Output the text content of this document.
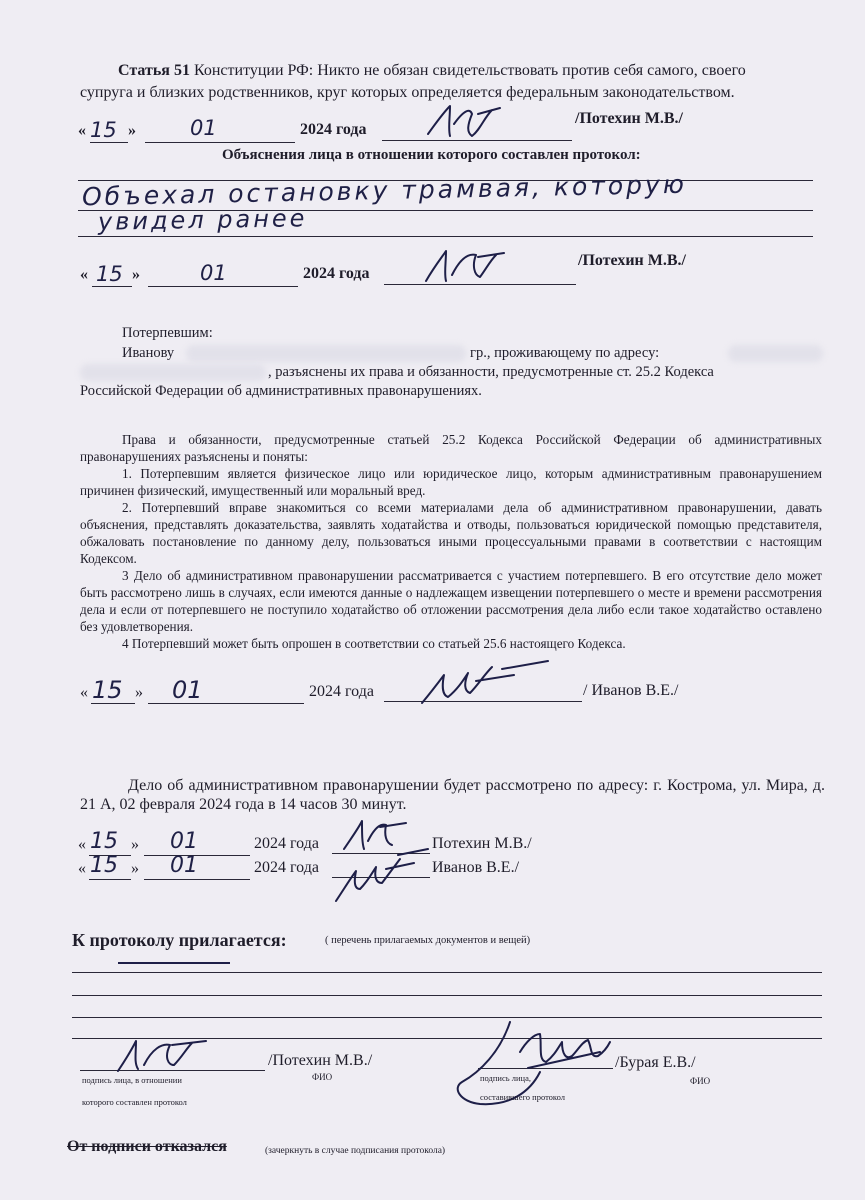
Статья 51 Конституции РФ: Никто не обязан свидетельствовать против себя самого, своего
супруга и близких родственников, круг которых определяется федеральным законодательством.
« 15 »	01	2024 года
/Потехин М.В./
Объяснения лица в отношении которого составлен протокол:
Объехал остановку трамвая, которую
увидел ранее
« 15 »	01	2024 года
/Потехин М.В./
Потерпевшим:
Иванову	гр., проживающему по адресу:
, разъяснены их права и обязанности, предусмотренные ст. 25.2 Кодекса
Российской Федерации об административных правонарушениях.
Права и обязанности, предусмотренные статьей 25.2 Кодекса Российской Федерации об административных правонарушениях разъяснены и поняты:
1. Потерпевшим является физическое лицо или юридическое лицо, которым административным правонарушением причинен физический, имущественный или моральный вред.
2. Потерпевший вправе знакомиться со всеми материалами дела об административном правонарушении, давать объяснения, представлять доказательства, заявлять ходатайства и отводы, пользоваться юридической помощью представителя, обжаловать постановление по данному делу, пользоваться иными процессуальными правами в соответствии с настоящим Кодексом.
3 Дело об административном правонарушении рассматривается с участием потерпевшего. В его отсутствие дело может быть рассмотрено лишь в случаях, если имеются данные о надлежащем извещении потерпевшего о месте и времени рассмотрения дела и если от потерпевшего не поступило ходатайство об отложении рассмотрения дела либо если такое ходатайство оставлено без удовлетворения.
4 Потерпевший может быть опрошен в соответствии со статьей 25.6 настоящего Кодекса.
« 15 » 01	2024 года	/ Иванов В.Е./
Дело об административном правонарушении будет рассмотрено по адресу: г. Кострома, ул. Мира, д. 21 А, 02 февраля 2024 года в 14 часов 30 минут.
« 15 » 01	2024 года	Потехин М.В./
« 15 » 01	2024 года	Иванов В.Е./
К протоколу прилагается:	( перечень прилагаемых документов и вещей)
/Потехин М.В./
ФИО
подпись лица, в отношении
которого составлен протокол
/Бурая Е.В./
ФИО
подпись лица,
составившего протокол
От подписи отказался	(зачеркнуть в случае подписания протокола)
